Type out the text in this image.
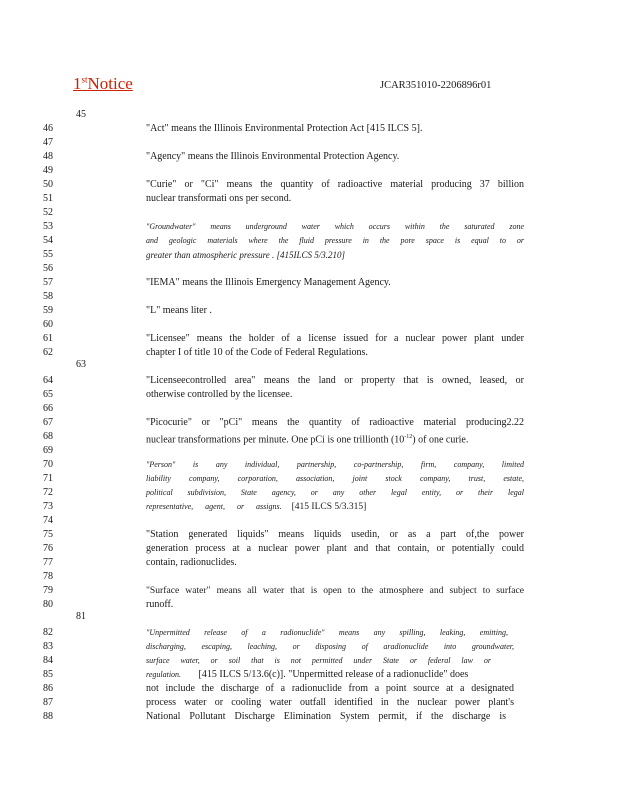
1stNotice	JCAR351010-2206896r01
45
46
47
48
49
50
51
52
53
54
55
56
57
58
59
60
61
62
63
64
65
66
67
68
69
70
71
72
73
74
75
76
77
78
79
80
81
82
83
84
85
86
87
88
"Act" means the Illinois Environmental Protection Act [415 ILCS 5].
"Agency" means the Illinois Environmental Protection Agency.
"Curie" or "Ci" means the quantity of radioactive material producing 37 billion
nuclear transformati ons per second.
"Groundwater" means underground water which occurs within the saturated zone
and geologic materials where the fluid pressure in the pore space is equal to or
greater than atmospheric pressure . [415ILCS 5/3.210]
"IEMA" means the Illinois Emergency Management Agency.
"L" means liter .
"Licensee" means the holder of a license issued for a nuclear power plant under
chapter I of title 10 of the Code of Federal Regulations.
"Licenseecontrolled area" means the land or property that is owned, leased, or
otherwise controlled by the licensee.
"Picocurie" or "pCi" means the quantity of radioactive material producing2.22
nuclear transformations per minute. One pCi is one trillionth $(10^{-12})$ of one curie.
"Person" is any individual, partnership, co-partnership, firm, company, limited
liability company, corporation, association, joint stock company, trust, estate,
political subdivision, State agency, or any other legal entity, or their legal
representative, agent, or assigns. [415 ILCS 5/3.315]
"Station generated liquids" means liquids usedin, or as a part of,the power
generation process at a nuclear power plant and that contain, or potentially could
contain, radionuclides.
"Surface water" means all water that is open to the atmosphere and subject to surface
runoff.
"Unpermitted release of a radionuclide" means any spilling, leaking, emitting,
discharging, escaping, leaching, or disposing of aradionuclide into groundwater,
surface water, or soil that is not permitted under State or federal law or
regulation. [415 ILCS 5/13.6(c)]. "Unpermitted release of a radionuclide" does
not include the discharge of a radionuclide from a point source at a designated
process water or cooling water outfall identified in the nuclear power plant's
National Pollutant Discharge Elimination System permit, if the discharge is
